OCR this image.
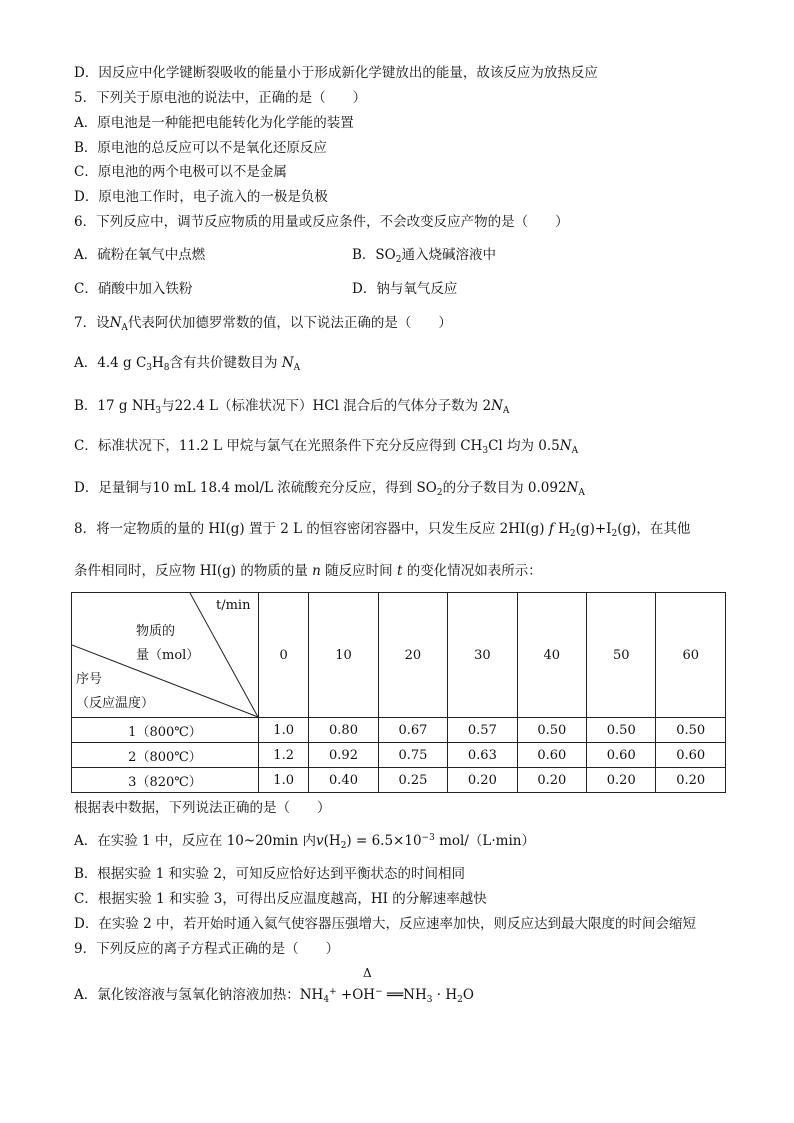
D．因反应中化学键断裂吸收的能量小于形成新化学键放出的能量，故该反应为放热反应
5．下列关于原电池的说法中，正确的是（　　）
A．原电池是一种能把电能转化为化学能的装置
B．原电池的总反应可以不是氧化还原反应
C．原电池的两个电极可以不是金属
D．原电池工作时，电子流入的一极是负极
6．下列反应中，调节反应物质的用量或反应条件，不会改变反应产物的是（　　）
A．硫粉在氧气中点燃	B．$SO_2$通入烧碱溶液中
C．硝酸中加入铁粉	D．钠与氧气反应
7．设$N_A$代表阿伏加德罗常数的值，以下说法正确的是（　　）
A．4.4 g $C_3H_8$含有共价键数目为 $N_A$
B．17 g $NH_3$与22.4 L（标准状况下）HCl 混合后的气体分子数为 $2N_A$
C．标准状况下，11.2 L 甲烷与氯气在光照条件下充分反应得到 $CH_3Cl$ 均为 $0.5N_A$
D．足量铜与10 mL 18.4 mol/L 浓硫酸充分反应，得到 $SO_2$的分子数目为 $0.092N_A$
8．将一定物质的量的 HI(g) 置于 2 L 的恒容密闭容器中，只发生反应 2HI(g) f $H_2(g)+I_2(g)$，在其他
条件相同时，反应物 HI(g) 的物质的量 n 随反应时间 t 的变化情况如表所示：
t/min
物质的
量（mol）
序号
（反应温度）	0	10	20	30	40	50	60
1（800℃）	1.0	0.80	0.67	0.57	0.50	0.50	0.50
2（800℃）	1.2	0.92	0.75	0.63	0.60	0.60	0.60
3（820℃）	1.0	0.40	0.25	0.20	0.20	0.20	0.20
根据表中数据，下列说法正确的是（　　）
A．在实验 1 中，反应在 10~20min 内$v(H_2) = 6.5\times 10^{-3}$ mol/（L·min）
B．根据实验 1 和实验 2，可知反应恰好达到平衡状态的时间相同
C．根据实验 1 和实验 3，可得出反应温度越高，HI 的分解速率越快
D．在实验 2 中，若开始时通入氦气使容器压强增大，反应速率加快，则反应达到最大限度的时间会缩短
9．下列反应的离子方程式正确的是（　　）
Δ
A．氯化铵溶液与氢氧化钠溶液加热：$NH_4^+ +OH^-$ $══NH_3 \cdot H_2O$
